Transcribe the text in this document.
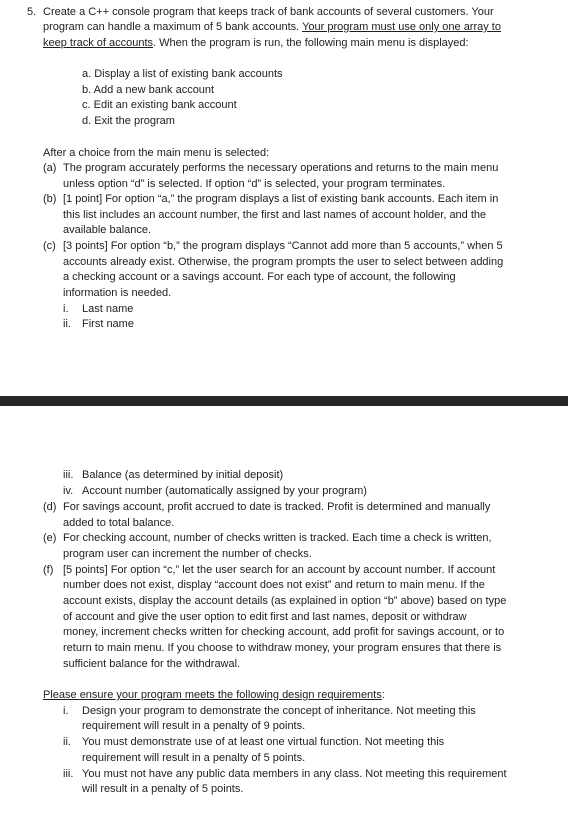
5. Create a C++ console program that keeps track of bank accounts of several customers. Your
program can handle a maximum of 5 bank accounts. Your program must use only one array to
keep track of accounts. When the program is run, the following main menu is displayed:
a. Display a list of existing bank accounts
b. Add a new bank account
c. Edit an existing bank account
d. Exit the program
After a choice from the main menu is selected:
(a) The program accurately performs the necessary operations and returns to the main menu
unless option “d” is selected. If option “d” is selected, your program terminates.
(b) [1 point] For option “a,” the program displays a list of existing bank accounts. Each item in
this list includes an account number, the first and last names of account holder, and the
available balance.
(c) [3 points] For option “b,” the program displays “Cannot add more than 5 accounts,” when 5
accounts already exist. Otherwise, the program prompts the user to select between adding
a checking account or a savings account. For each type of account, the following
information is needed.
i. Last name
ii. First name
iii. Balance (as determined by initial deposit)
iv. Account number (automatically assigned by your program)
(d) For savings account, profit accrued to date is tracked. Profit is determined and manually
added to total balance.
(e) For checking account, number of checks written is tracked. Each time a check is written,
program user can increment the number of checks.
(f) [5 points] For option “c,” let the user search for an account by account number. If account
number does not exist, display “account does not exist” and return to main menu. If the
account exists, display the account details (as explained in option “b” above) based on type
of account and give the user option to edit first and last names, deposit or withdraw
money, increment checks written for checking account, add profit for savings account, or to
return to main menu. If you choose to withdraw money, your program ensures that there is
sufficient balance for the withdrawal.
Please ensure your program meets the following design requirements:
i. Design your program to demonstrate the concept of inheritance. Not meeting this
requirement will result in a penalty of 9 points.
ii. You must demonstrate use of at least one virtual function. Not meeting this
requirement will result in a penalty of 5 points.
iii. You must not have any public data members in any class. Not meeting this requirement
will result in a penalty of 5 points.
